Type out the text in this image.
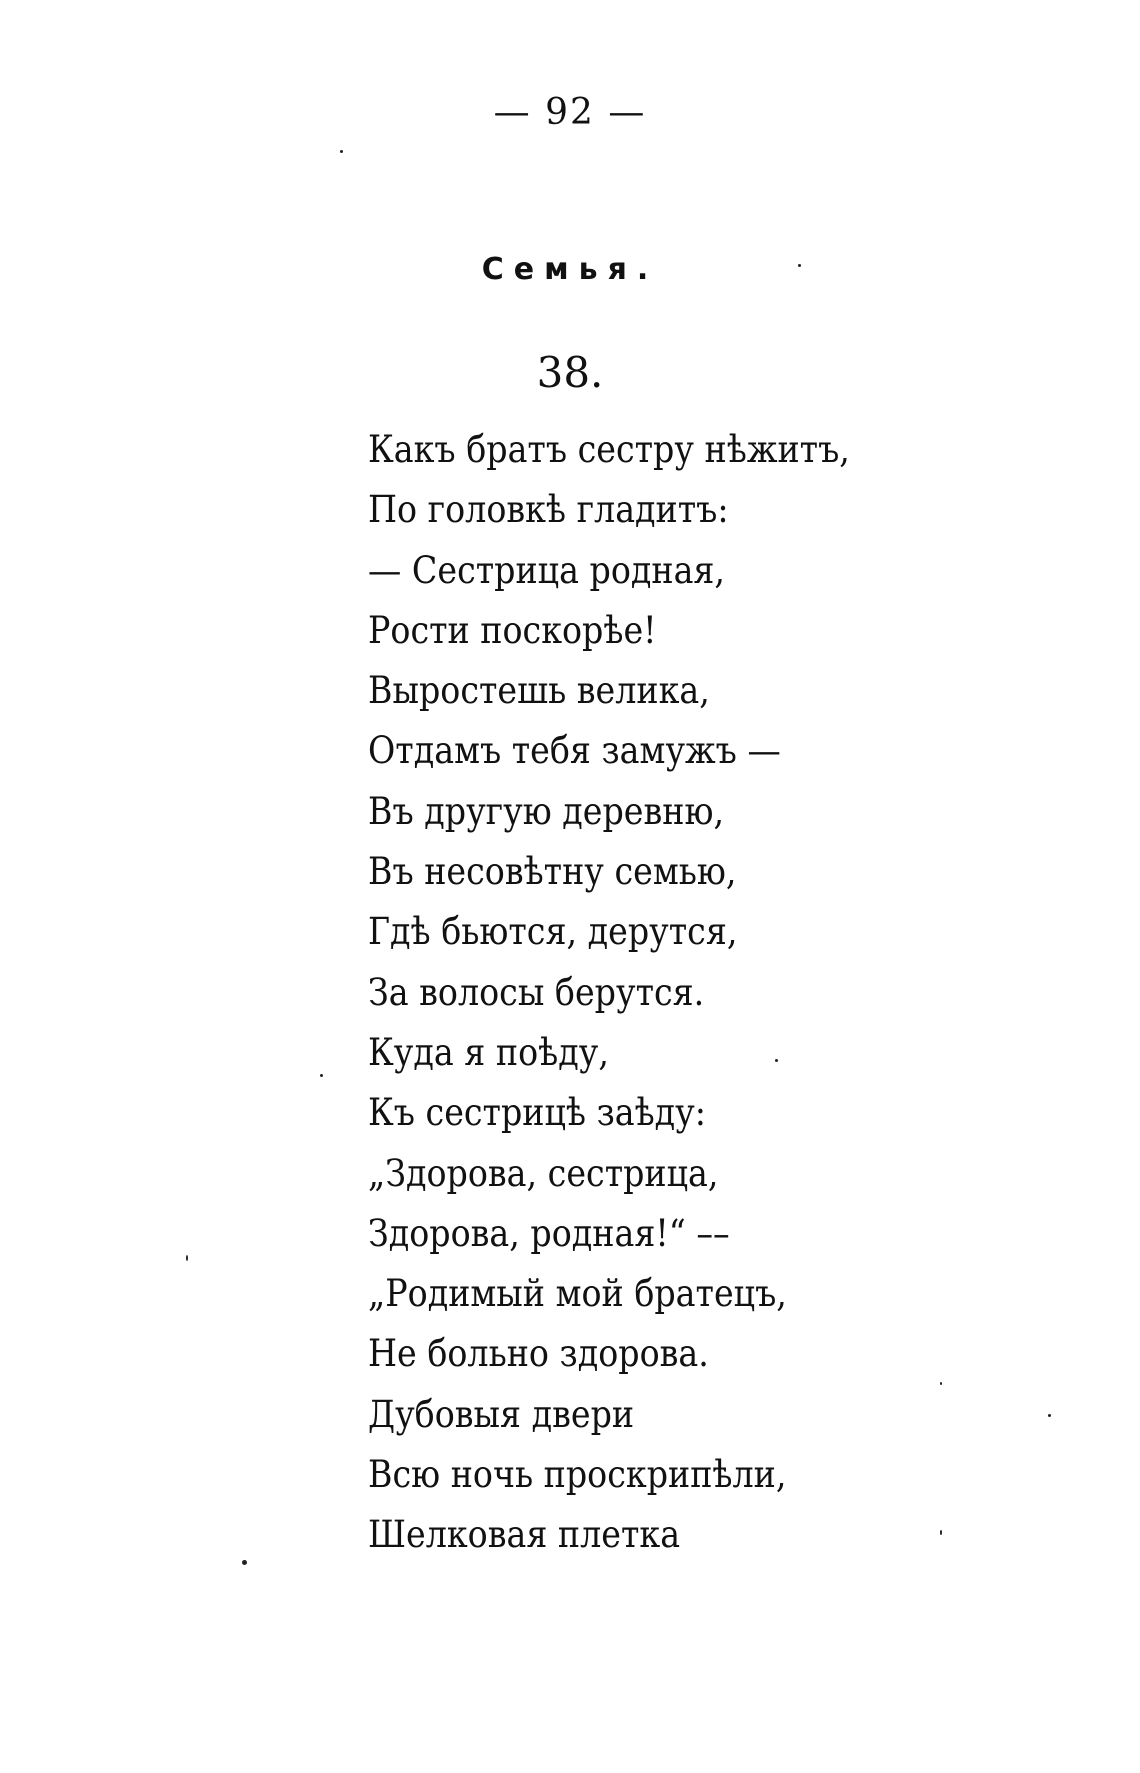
— 92 —
Семья.
38.
Какъ братъ сестру нѣжитъ,
По головкѣ гладитъ:
— Сестрица родная,
Рости поскорѣе!
Выростешь велика,
Отдамъ тебя замужъ —
Въ другую деревню,
Въ несовѣтну семью,
Гдѣ бьются, дерутся,
За волосы берутся.
Куда я поѣду,
Къ сестрицѣ заѣду:
„Здорова, сестрица,
Здорова, родная!“ ––
„Родимый мой братецъ,
Не больно здорова.
Дубовыя двери
Всю ночь проскрипѣли,
Шелковая плетка
